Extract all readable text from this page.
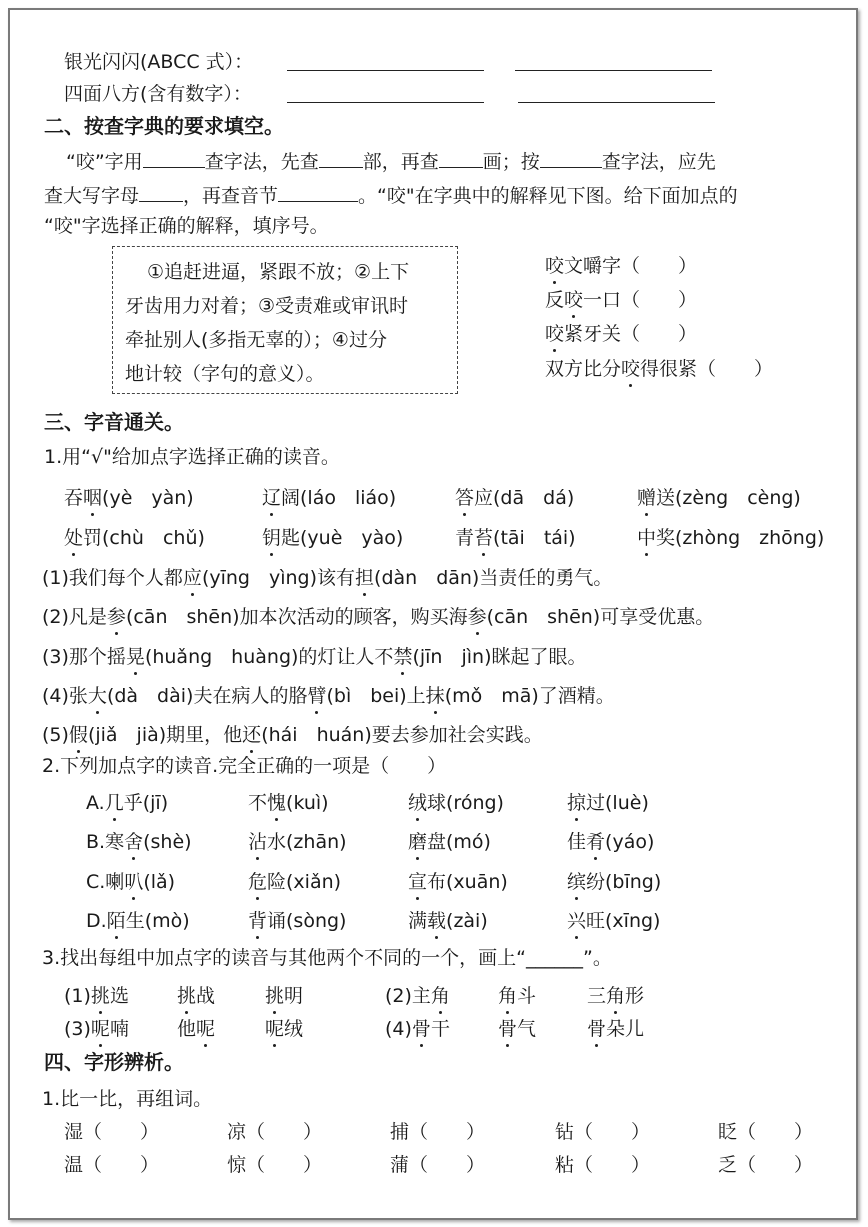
银光闪闪(ABCC 式）：
四面八方(含有数字）：
二、按查字典的要求填空。
“咬”字用	查字法，先查 部，再查 画；按	查字法，应先
查大写字母 ，再查音节	。“咬"在字典中的解释见下图。给下面加点的
“咬"字选择正确的解释，填序号。
①追赶进逼，紧跟不放；②上下
牙齿用力对着；③受责难或审讯时
牵扯别人(多指无辜的）；④过分
地计较（字句的意义）。
咬文嚼字（　　）
反咬一口（　　）
咬紧牙关（　　）
双方比分咬得很紧（　　）
三、字音通关。
1.用“√"给加点字选择正确的读音。
吞咽(yè　yàn)	辽阔(láo　liáo)	答应(dā　dá)	赠送(zèng　cèng)
处罚(chù　chǔ)	钥匙(yuè　yào)	青苔(tāi　tái)	中奖(zhòng　zhōng)
(1)我们每个人都应(yīng　yìng)该有担(dàn　dān)当责任的勇气。
(2)凡是参(cān　shēn)加本次活动的顾客，购买海参(cān　shēn)可享受优惠。
(3)那个摇晃(huǎng　huàng)的灯让人不禁(jīn　jìn)眯起了眼。
(4)张大(dà　dài)夫在病人的胳臂(bì　bei)上抹(mǒ　mā)了酒精。
(5)假(jiǎ　jià)期里，他还(hái　huán)要去参加社会实践。
2.下列加点字的读音.完全正确的一项是（　　）
A.几乎(jī)	不愧(kuì)	绒球(róng)	掠过(luè)
B.寒舍(shè)	沾水(zhān)	磨盘(mó)	佳肴(yáo)
C.喇叭(lǎ)	危险(xiǎn)	宣布(xuān)	缤纷(bīng)
D.陌生(mò)	背诵(sòng)	满载(zài)	兴旺(xīng)
3.找出每组中加点字的读音与其他两个不同的一个，画上“______”。
(1)挑选	挑战	挑明	(2)主角	角斗	三角形
(3)呢喃	他呢	呢绒	(4)骨干	骨气	骨朵儿
四、字形辨析。
1.比一比，再组词。
湿（　　）	凉（　　）	捕（　　）	钻（　　）	眨（　　）
温（　　）	惊（　　）	蒲（　　）	粘（　　）	乏（　　）
